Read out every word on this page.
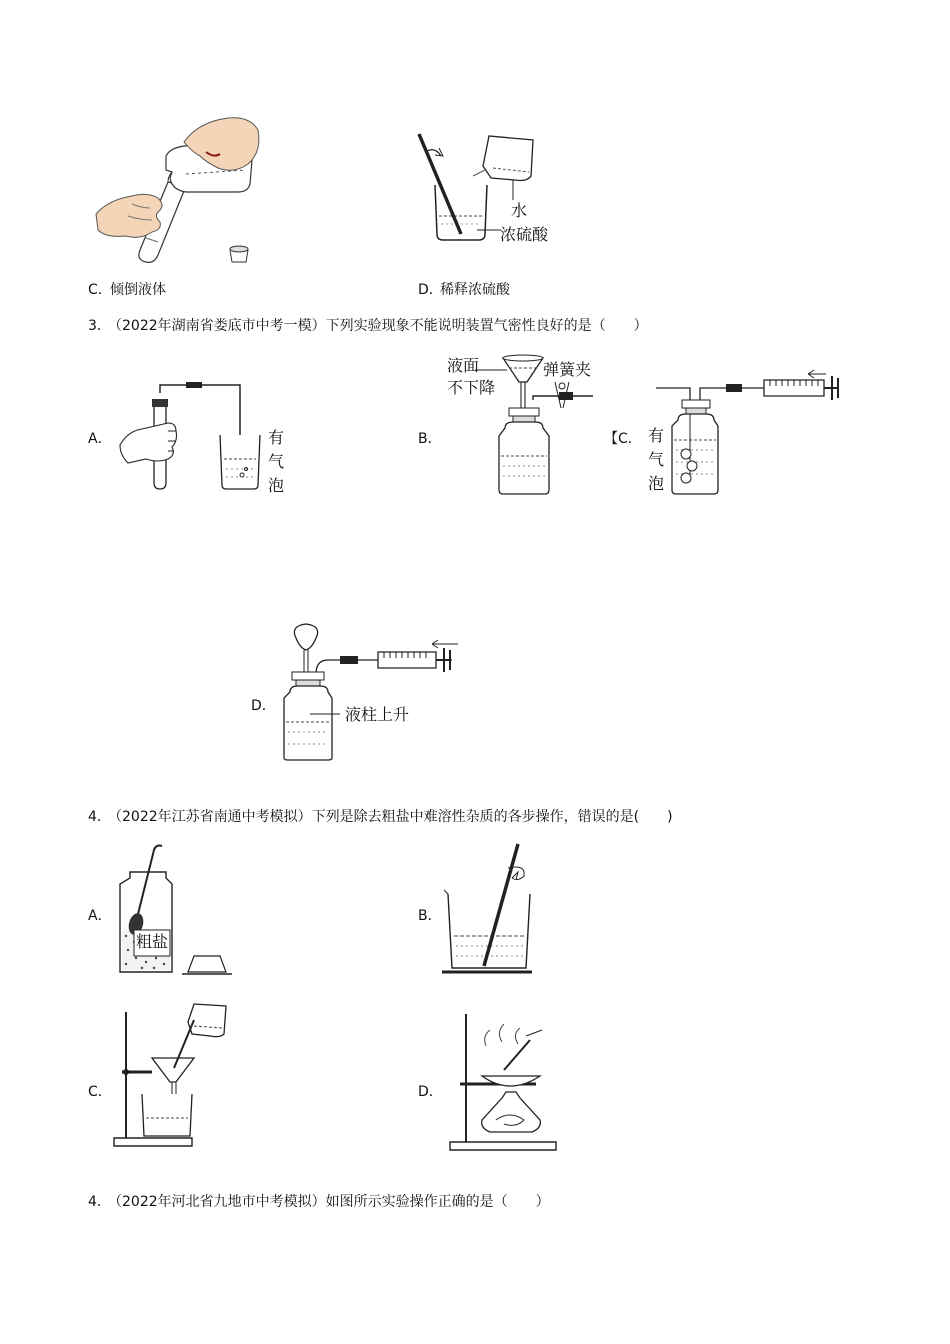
C．
倾倒液体
水
浓硫酸
D．
稀释浓硫酸
3．
（2022年湖南省娄底市中考一模）下列实验现象不能说明装置气密性良好的是（　　）
A．	有
气
泡
B．
液面
不下降
弹簧夹
【C． 有
气
泡
D．	液柱上升
4．
（2022年江苏省南通中考模拟）下列是除去粗盐中难溶性杂质的各步操作，错误的是(　　)
A．
粗盐
B．
C．	D．
4．
（2022年河北省九地市中考模拟）如图所示实验操作正确的是（　　）
